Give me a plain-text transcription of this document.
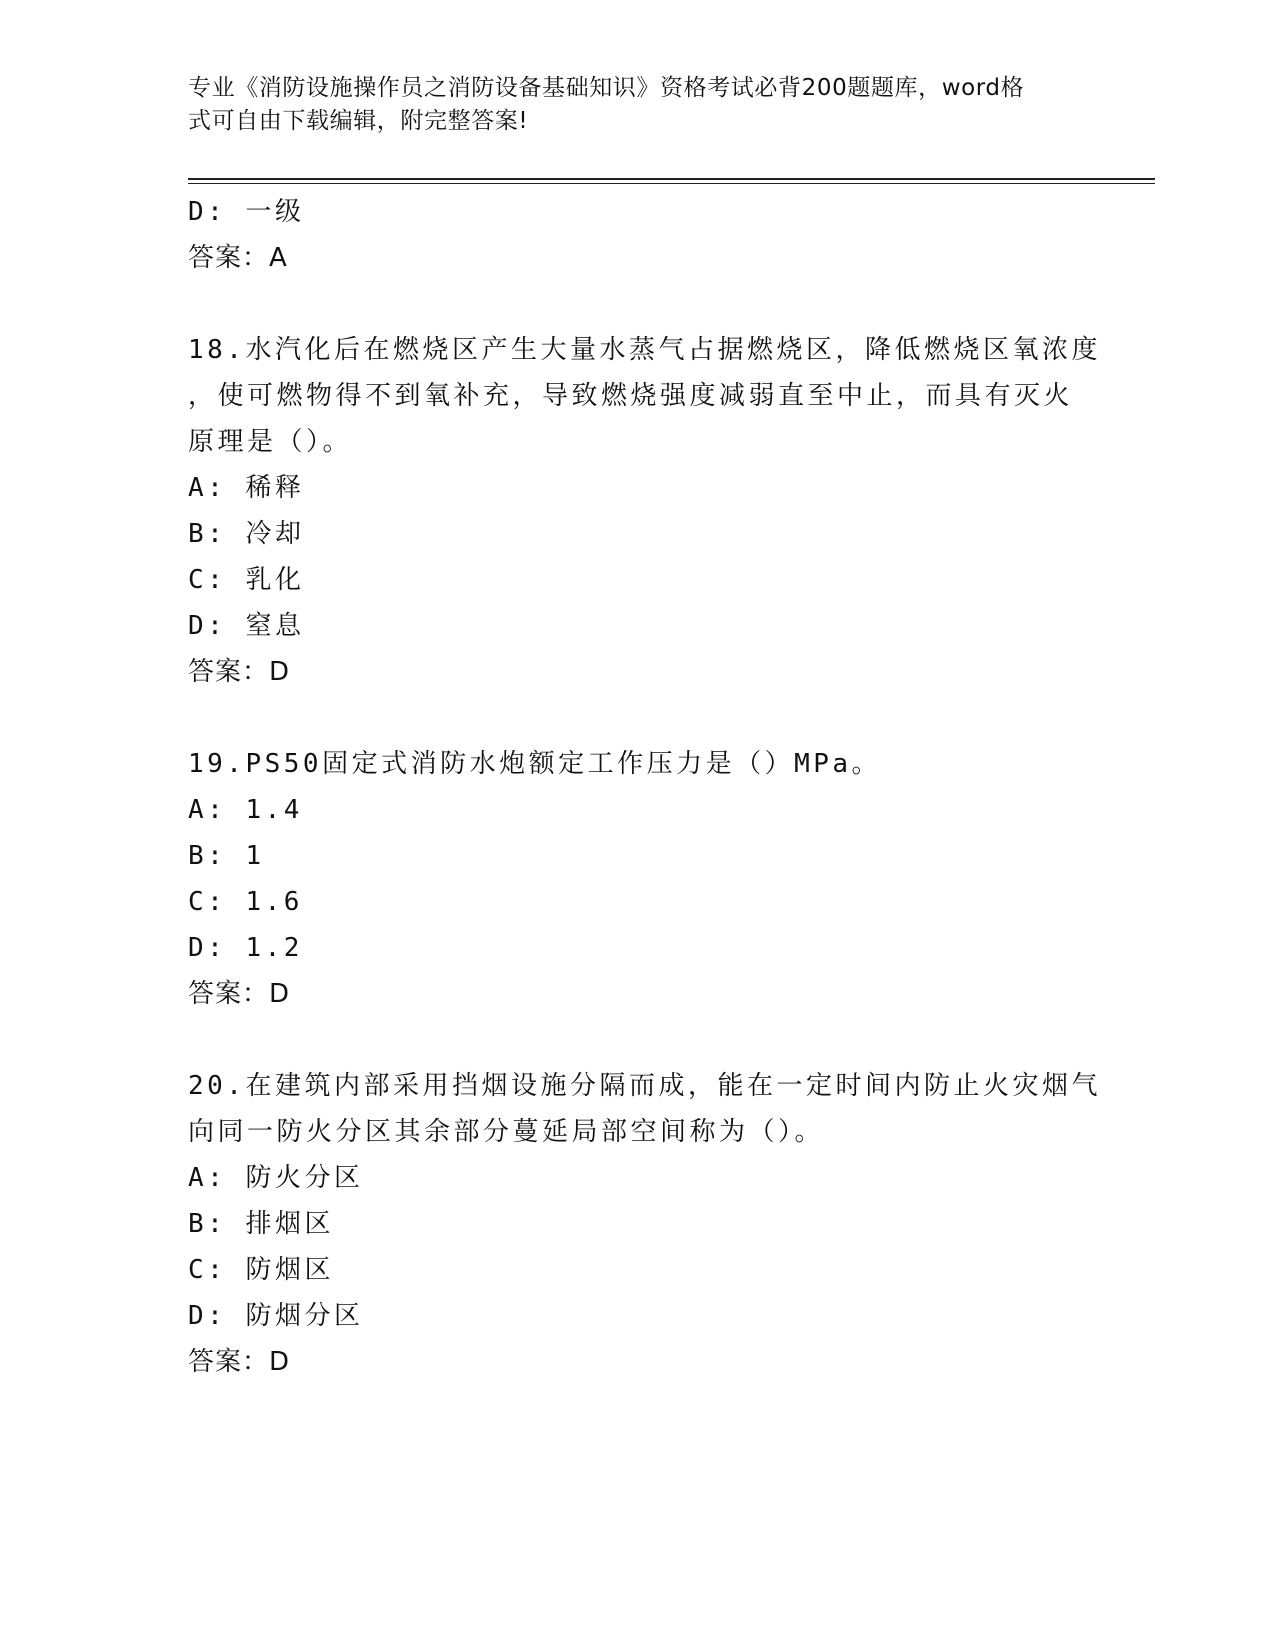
专业《消防设施操作员之消防设备基础知识》资格考试必背200题题库，word格
式可自由下载编辑，附完整答案!
D: 一级
答案：A
18.水汽化后在燃烧区产生大量水蒸气占据燃烧区，降低燃烧区氧浓度
，使可燃物得不到氧补充，导致燃烧强度减弱直至中止，而具有灭火
原理是（）。
A: 稀释
B: 冷却
C: 乳化
D: 窒息
答案：D
19.PS50固定式消防水炮额定工作压力是（）MPa。
A: 1.4
B: 1
C: 1.6
D: 1.2
答案：D
20.在建筑内部采用挡烟设施分隔而成，能在一定时间内防止火灾烟气
向同一防火分区其余部分蔓延局部空间称为（）。
A: 防火分区
B: 排烟区
C: 防烟区
D: 防烟分区
答案：D
